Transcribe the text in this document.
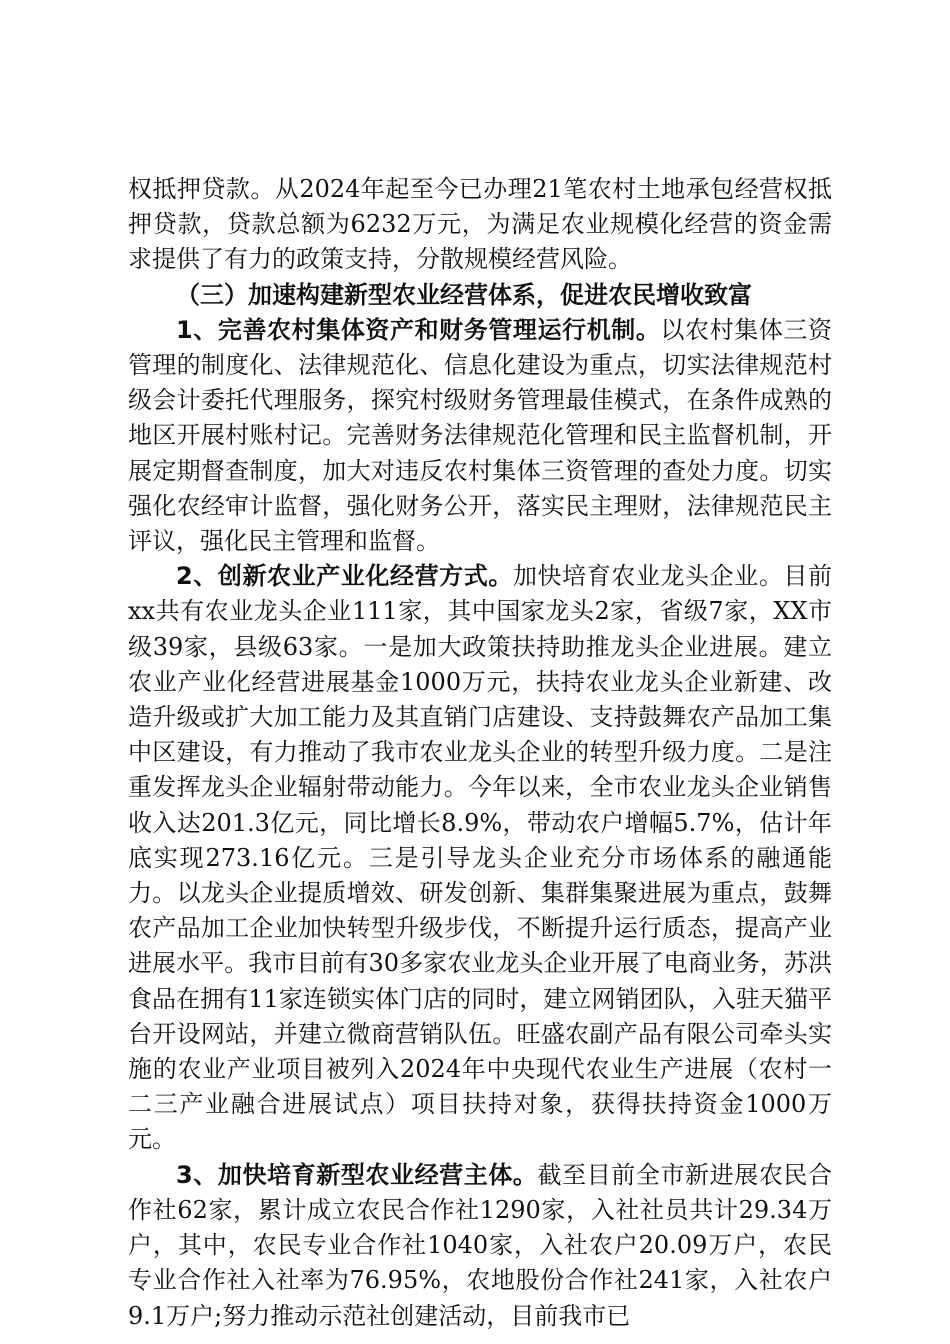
权抵押贷款。从2024年起至今已办理21笔农村土地承包经营权抵押贷款，贷款总额为6232万元，为满足农业规模化经营的资金需求提供了有力的政策支持，分散规模经营风险。

（三）加速构建新型农业经营体系，促进农民增收致富

1、完善农村集体资产和财务管理运行机制。以农村集体三资管理的制度化、法律规范化、信息化建设为重点，切实法律规范村级会计委托代理服务，探究村级财务管理最佳模式，在条件成熟的地区开展村账村记。完善财务法律规范化管理和民主监督机制，开展定期督查制度，加大对违反农村集体三资管理的查处力度。切实强化农经审计监督，强化财务公开，落实民主理财，法律规范民主评议，强化民主管理和监督。

2、创新农业产业化经营方式。加快培育农业龙头企业。目前xx共有农业龙头企业111家，其中国家龙头2家，省级7家，XX市级39家，县级63家。一是加大政策扶持助推龙头企业进展。建立农业产业化经营进展基金1000万元，扶持农业龙头企业新建、改造升级或扩大加工能力及其直销门店建设、支持鼓舞农产品加工集中区建设，有力推动了我市农业龙头企业的转型升级力度。二是注重发挥龙头企业辐射带动能力。今年以来，全市农业龙头企业销售收入达201.3亿元，同比增长8.9%，带动农户增幅5.7%，估计年底实现273.16亿元。三是引导龙头企业充分市场体系的融通能力。以龙头企业提质增效、研发创新、集群集聚进展为重点，鼓舞农产品加工企业加快转型升级步伐，不断提升运行质态，提高产业进展水平。我市目前有30多家农业龙头企业开展了电商业务，苏洪食品在拥有11家连锁实体门店的同时，建立网销团队，入驻天猫平台开设网站，并建立微商营销队伍。旺盛农副产品有限公司牵头实施的农业产业项目被列入2024年中央现代农业生产进展（农村一二三产业融合进展试点）项目扶持对象，获得扶持资金1000万元。

3、加快培育新型农业经营主体。截至目前全市新进展农民合作社62家，累计成立农民合作社1290家，入社社员共计29.34万户，其中，农民专业合作社1040家，入社农户20.09万户，农民专业合作社入社率为76.95%，农地股份合作社241家，入社农户9.1万户;努力推动示范社创建活动，目前我市已
